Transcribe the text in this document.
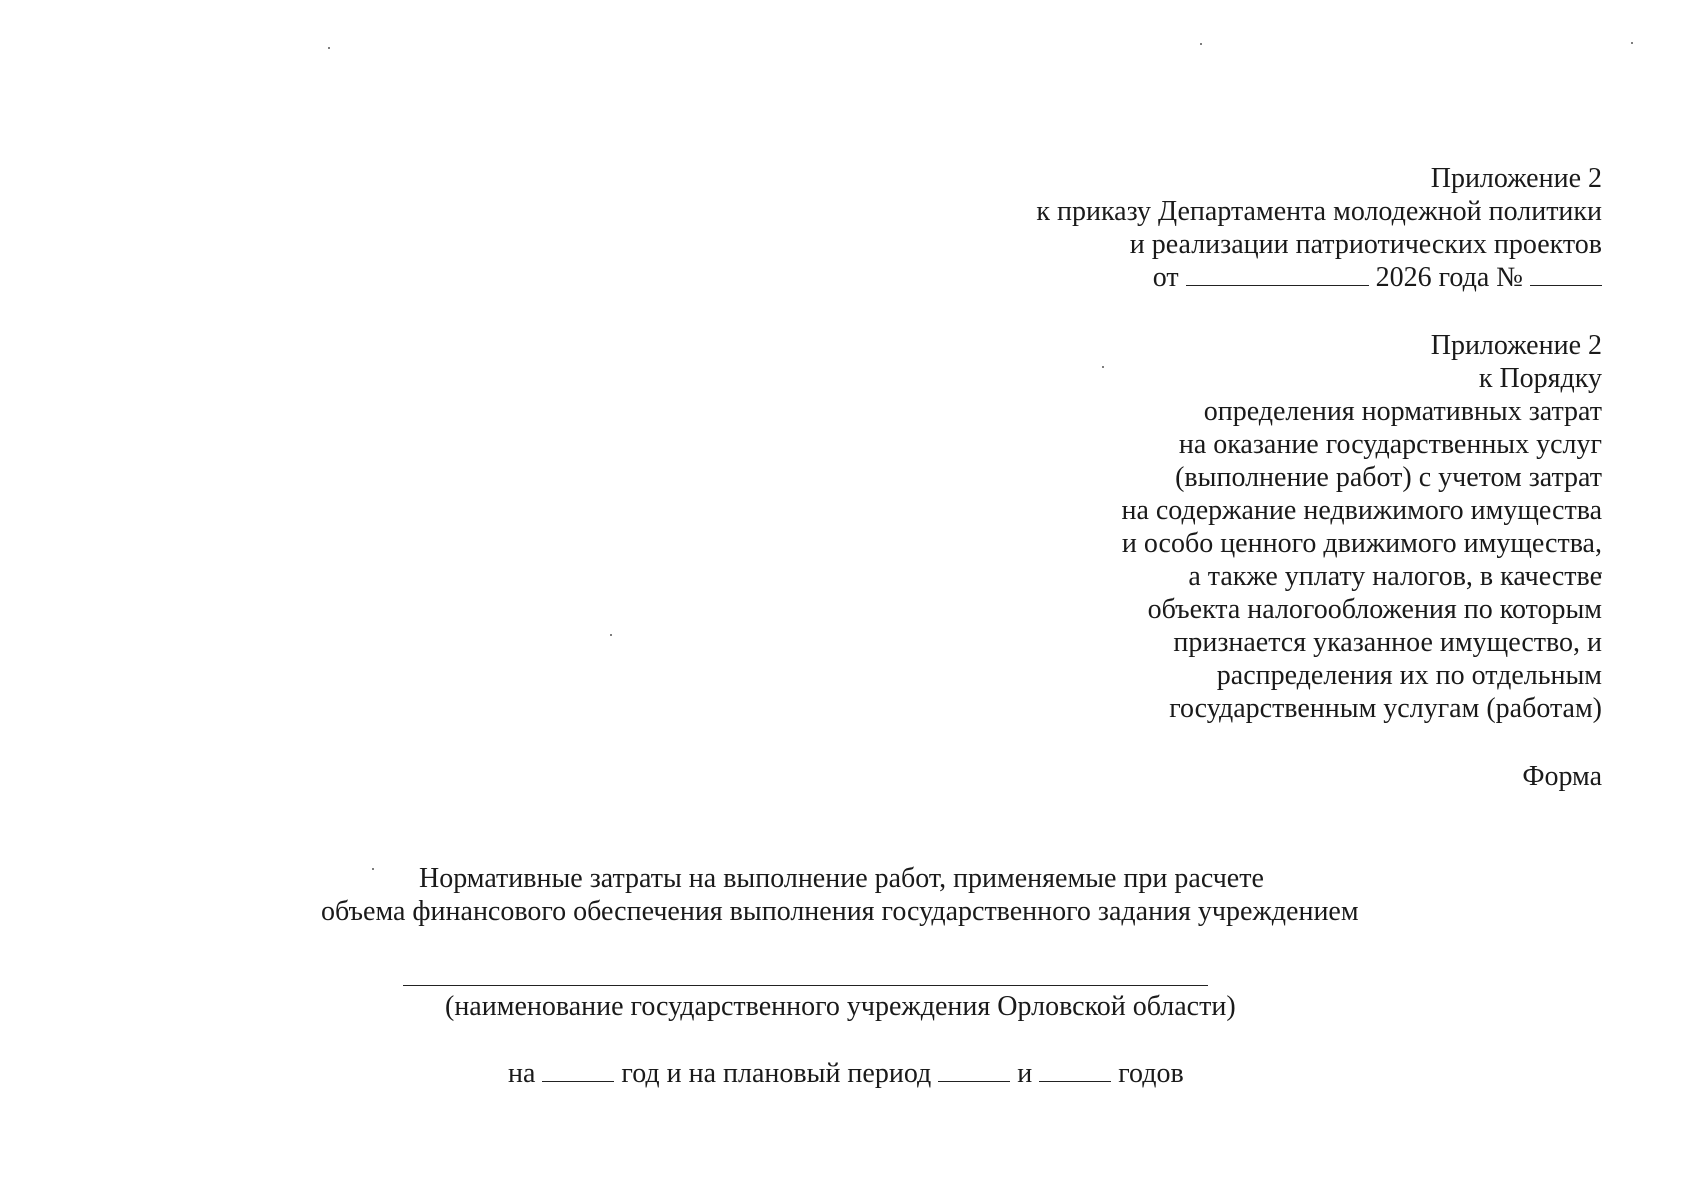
Приложение 2
к приказу Департамента молодежной политики
и реализации патриотических проектов
от	2026 года №
Приложение 2
к Порядку
определения нормативных затрат
на оказание государственных услуг
(выполнение работ) с учетом затрат
на содержание недвижимого имущества
и особо ценного движимого имущества,
а также уплату налогов, в качестве
объекта налогообложения по которым
признается указанное имущество, и
распределения их по отдельным
государственным услугам (работам)
Форма
Нормативные затраты на выполнение работ, применяемые при расчете
объема финансового обеспечения выполнения государственного задания учреждением
(наименование государственного учреждения Орловской области)
на	год и на плановый период	и	годов
